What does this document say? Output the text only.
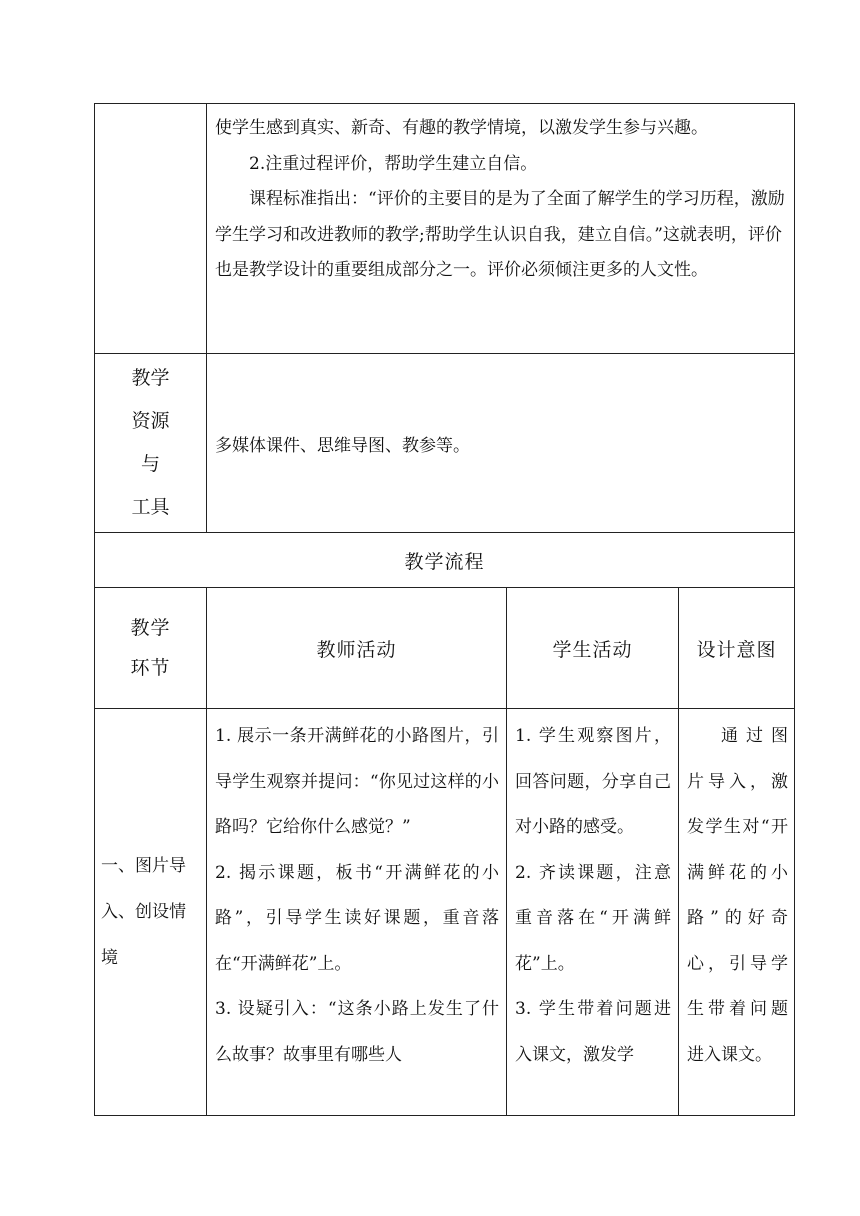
	使学生感到真实、新奇、有趣的教学情境，以激发学生参与兴趣。

2.注重过程评价，帮助学生建立自信。

课程标准指出：“评价的主要目的是为了全面了解学生的学习历程，激励学生学习和改进教师的教学;帮助学生认识自我，建立自信。”这就表明，评价也是教学设计的重要组成部分之一。评价必须倾注更多的人文性。		

教学
资源
与
工具	多媒体课件、思维导图、教参等。		
教学流程			

教学
环节	教师活动	学生活动	设计意图
一、图片导入、创设情境	1. 展示一条开满鲜花的小路图片，引导学生观察并提问：“你见过这样的小路吗？它给你什么感觉？”
2. 揭示课题，板书“开满鲜花的小路”，引导学生读好课题，重音落在“开满鲜花”上。
3. 设疑引入：“这条小路上发生了什么故事？故事里有哪些人	1. 学生观察图片，回答问题，分享自己对小路的感受。
2. 齐读课题，注意重音落在“开满鲜花”上。
3. 学生带着问题进入课文，激发学	通过图片导入，激发学生对“开满鲜花的小路”的好奇心，引导学生带着问题进入课文。
